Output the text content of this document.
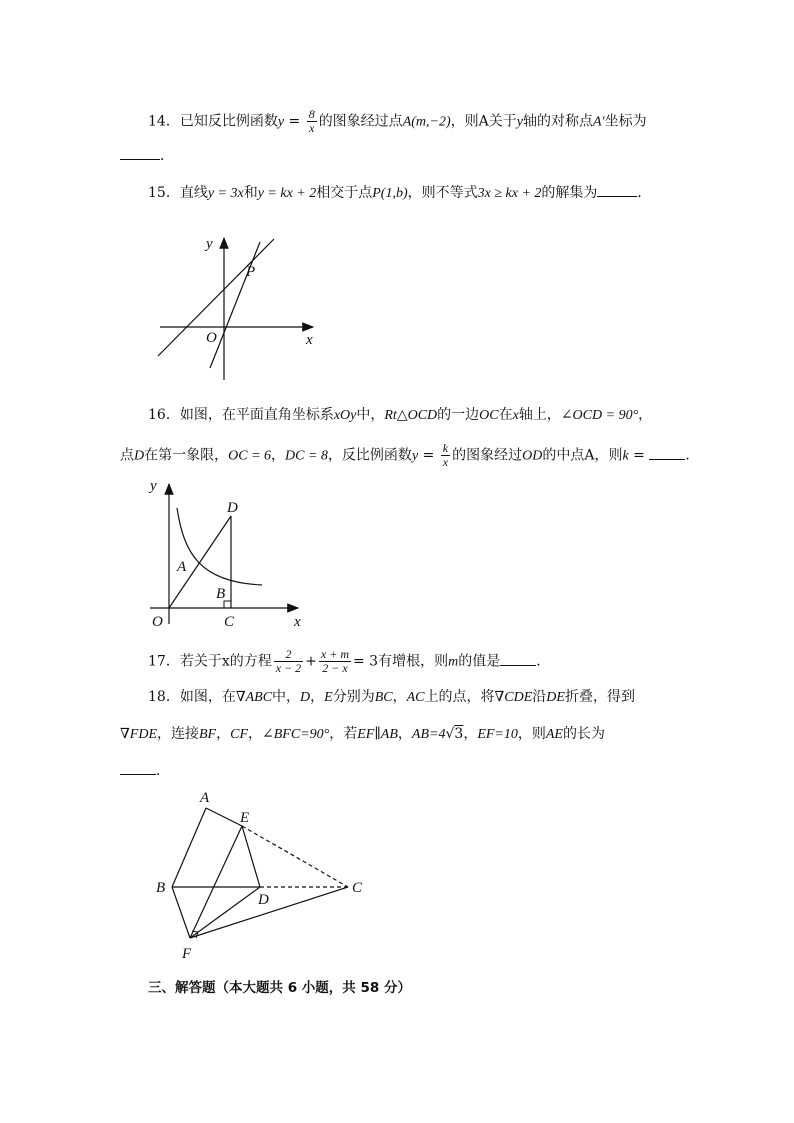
14．已知反比例函数$y = \frac{8}{x}$ 的图象经过点A(m,−2)，则A关于y轴的对称点A′坐标为
．
15．直线y = 3x和y = kx + 2相交于点P(1,b)，则不等式3x ≥ kx + 2的解集为	．
y
P
O	x
16．如图，在平面直角坐标系xOy中，Rt△OCD的一边OC在x轴上，∠OCD = 90°，
点D在第一象限，OC = 6，DC = 8，反比例函数$y = \frac{k}{x}$ 的图象经过OD的中点A，则k =	．
y
D
A
B
O	C	x
17．若关于x的方程 $\frac{2}{x - 2} + \frac{x + m}{2 - x} = 3$有增根，则m的值是	．
18．如图，在∇ABC中，D，E分别为BC，AC上的点，将∇CDE沿DE折叠，得到
∇FDE，连接BF，CF，∠BFC=90°，若EF∥AB，AB=4√3，EF=10，则AE的长为
．
A
E
B
D
C
F
三、解答题（本大题共 6 小题，共 58 分）
